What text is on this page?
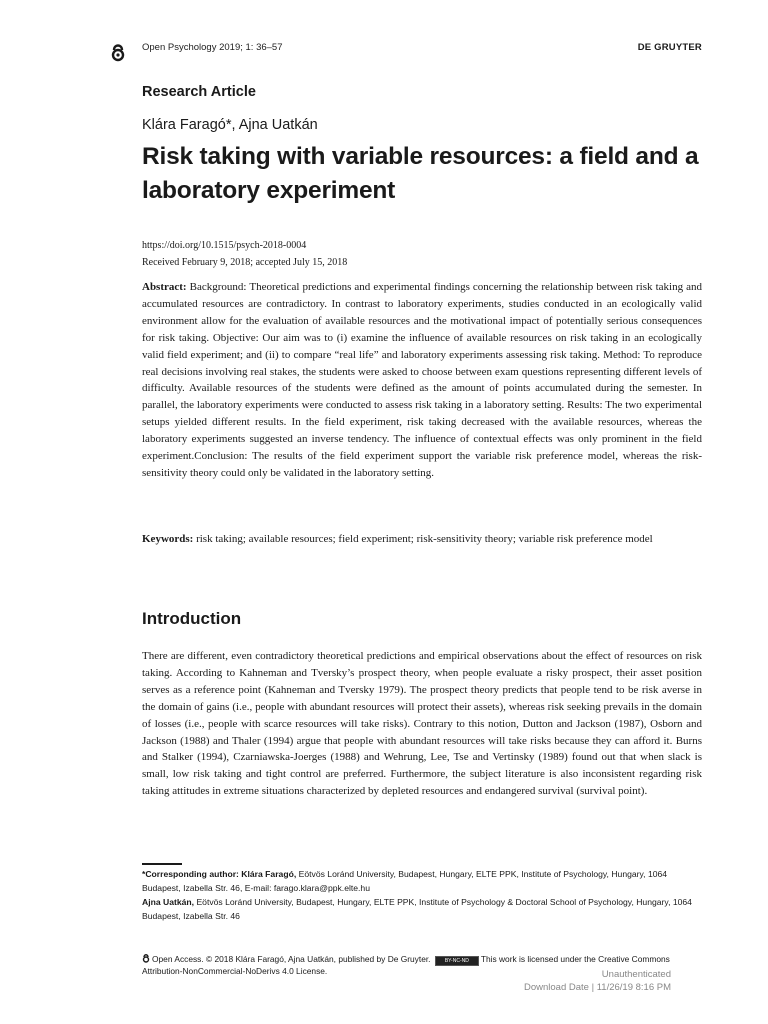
Open Psychology 2019; 1: 36–57	DE GRUYTER
Research Article
Klára Faragó*, Ajna Uatkán
Risk taking with variable resources: a field and a laboratory experiment
https://doi.org/10.1515/psych-2018-0004
Received February 9, 2018; accepted July 15, 2018

Abstract: Background: Theoretical predictions and experimental findings concerning the relationship between risk taking and accumulated resources are contradictory. In contrast to laboratory experiments, studies conducted in an ecologically valid environment allow for the evaluation of available resources and the motivational impact of potentially serious consequences for risk taking. Objective: Our aim was to (i) examine the influence of available resources on risk taking in an ecologically valid field experiment; and (ii) to compare “real life” and laboratory experiments assessing risk taking. Method: To reproduce real decisions involving real stakes, the students were asked to choose between exam questions representing different levels of difficulty. Available resources of the students were defined as the amount of points accumulated during the semester. In parallel, the laboratory experiments were conducted to assess risk taking in a laboratory setting. Results: The two experimental setups yielded different results. In the field experiment, risk taking decreased with the available resources, whereas the laboratory experiments suggested an inverse tendency. The influence of contextual effects was only prominent in the field experiment.Conclusion: The results of the field experiment support the variable risk preference model, whereas the risk-sensitivity theory could only be validated in the laboratory setting.

Keywords: risk taking; available resources; field experiment; risk-sensitivity theory; variable risk preference model

Introduction

There are different, even contradictory theoretical predictions and empirical observations about the effect of resources on risk taking. According to Kahneman and Tversky’s prospect theory, when people evaluate a risky prospect, their asset position serves as a reference point (Kahneman and Tversky 1979). The prospect theory predicts that people tend to be risk averse in the domain of gains (i.e., people with abundant resources will protect their assets), whereas risk seeking prevails in the domain of losses (i.e., people with scarce resources will take risks). Contrary to this notion, Dutton and Jackson (1987), Osborn and Jackson (1988) and Thaler (1994) argue that people with abundant resources will take risks because they can afford it. Burns and Stalker (1994), Czarniawska-Joerges (1988) and Wehrung, Lee, Tse and Vertinsky (1989) found out that when slack is small, low risk taking and tight control are preferred. Furthermore, the subject literature is also inconsistent regarding risk taking attitudes in extreme situations characterized by depleted resources and endangered survival (survival point).

*Corresponding author: Klára Faragó, Eötvös Loránd University, Budapest, Hungary, ELTE PPK, Institute of Psychology, Hungary, 1064 Budapest, Izabella Str. 46, E-mail: farago.klara@ppk.elte.hu
Ajna Uatkán, Eötvös Loránd University, Budapest, Hungary, ELTE PPK, Institute of Psychology & Doctoral School of Psychology, Hungary, 1064 Budapest, Izabella Str. 46

Open Access. © 2018 Klára Faragó, Ajna Uatkán, published by De Gruyter.	BY-NC-ND This work is licensed under the Creative Commons Attribution-NonCommercial-NoDerivs 4.0 License.	Unauthenticated
Download Date | 11/26/19 8:16 PM
